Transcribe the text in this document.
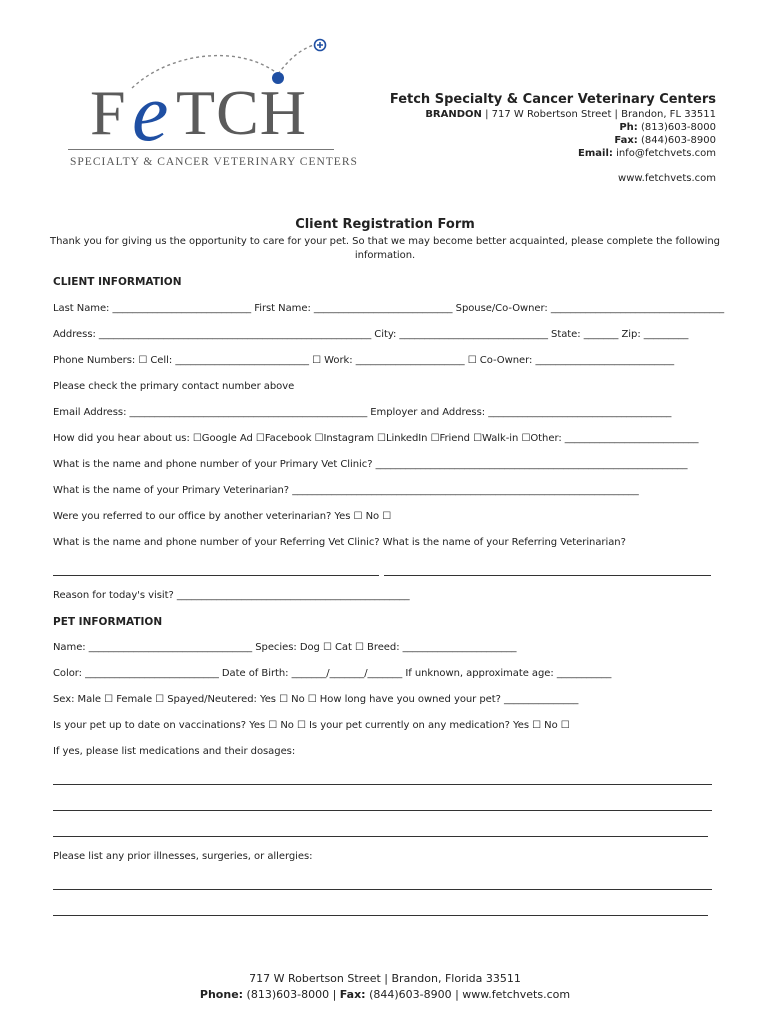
F e TCH
SPECIALTY & CANCER VETERINARY CENTERS
Fetch Specialty & Cancer Veterinary Centers
BRANDON | 717 W Robertson Street | Brandon, FL 33511
Ph: (813)603-8000
Fax: (844)603-8900
Email: info@fetchvets.com
www.fetchvets.com
Client Registration Form
Thank you for giving us the opportunity to care for your pet. So that we may become better acquainted, please complete the following
information.
CLIENT INFORMATION
Last Name: ____________________________ First Name: ____________________________ Spouse/Co-Owner: ___________________________________
Address: _______________________________________________________ City: ______________________________ State: _______ Zip: _________
Phone Numbers: ☐ Cell: ___________________________ ☐ Work: ______________________ ☐ Co-Owner: ____________________________
Please check the primary contact number above
Email Address: ________________________________________________ Employer and Address: _____________________________________
How did you hear about us: ☐Google Ad ☐Facebook ☐Instagram ☐LinkedIn ☐Friend ☐Walk-in ☐Other: ___________________________
What is the name and phone number of your Primary Vet Clinic? _______________________________________________________________
What is the name of your Primary Veterinarian? ______________________________________________________________________
Were you referred to our office by another veterinarian? Yes ☐ No ☐
What is the name and phone number of your Referring Vet Clinic? What is the name of your Referring Veterinarian?
Reason for today's visit? _______________________________________________
PET INFORMATION
Name: _________________________________ Species: Dog ☐ Cat ☐ Breed: _______________________
Color: ___________________________ Date of Birth: _______/_______/_______ If unknown, approximate age: ___________
Sex: Male ☐ Female ☐ Spayed/Neutered: Yes ☐ No ☐ How long have you owned your pet? _______________
Is your pet up to date on vaccinations? Yes ☐ No ☐ Is your pet currently on any medication? Yes ☐ No ☐
If yes, please list medications and their dosages:
Please list any prior illnesses, surgeries, or allergies:
717 W Robertson Street | Brandon, Florida 33511
Phone: (813)603-8000 | Fax: (844)603-8900 | www.fetchvets.com
